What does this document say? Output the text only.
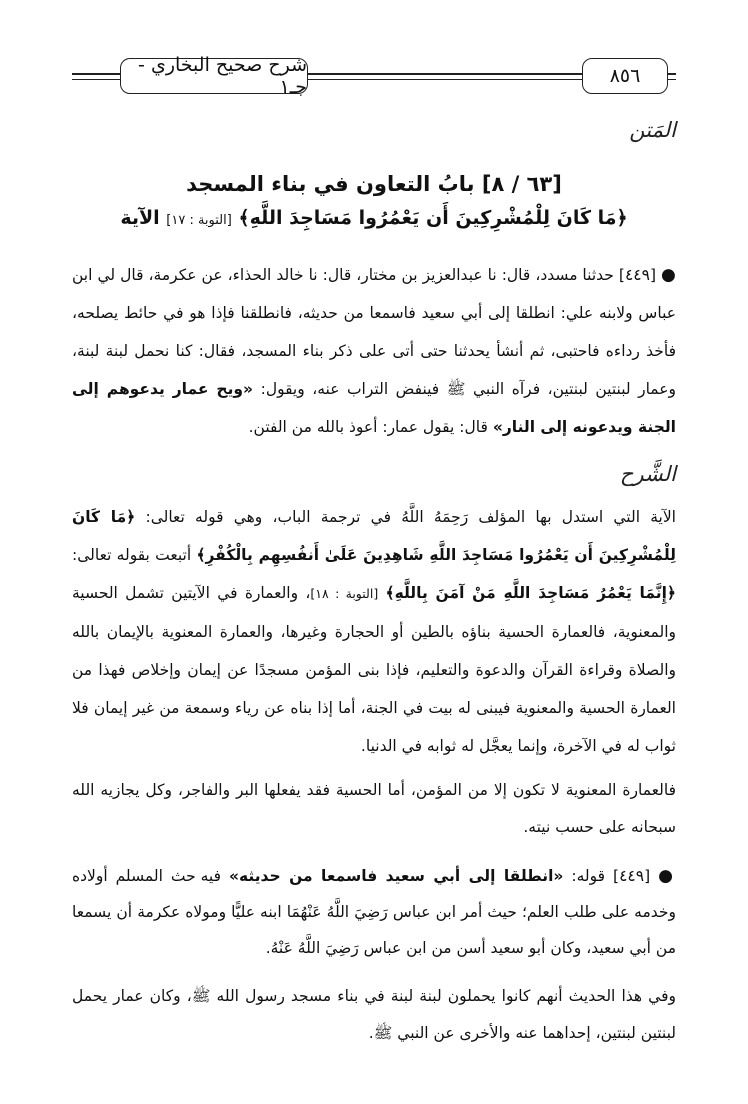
٨٥٦
شرح صحيح البخاري - جـ١
المَتن
[٦٣ / ٨] بابُ التعاون في بناء المسجد
﴿مَا كَانَ لِلْمُشْرِكِينَ أَن يَعْمُرُوا مَسَاجِدَ اللَّهِ﴾ [التوبة : ١٧] الآية
● [٤٤٩] حدثنا مسدد، قال: نا عبدالعزيز بن مختار، قال: نا خالد الحذاء، عن عكرمة، قال لي ابن عباس ولابنه علي: انطلقا إلى أبي سعيد فاسمعا من حديثه، فانطلقنا فإذا هو في حائط يصلحه، فأخذ رداءه فاحتبى، ثم أنشأ يحدثنا حتى أتى على ذكر بناء المسجد، فقال: كنا نحمل لبنة لبنة، وعمار لبنتين لبنتين، فرآه النبي ﷺ فينفض التراب عنه، ويقول: «ويح عمار يدعوهم إلى الجنة ويدعونه إلى النار» قال: يقول عمار: أعوذ بالله من الفتن.
الشَّرح
الآية التي استدل بها المؤلف رَحِمَهُ اللَّهُ في ترجمة الباب، وهي قوله تعالى: ﴿مَا كَانَ لِلْمُشْرِكِينَ أَن يَعْمُرُوا مَسَاجِدَ اللَّهِ شَاهِدِينَ عَلَىٰ أَنفُسِهِم بِالْكُفْرِ﴾ أتبعت بقوله تعالى: ﴿إِنَّمَا يَعْمُرُ مَسَاجِدَ اللَّهِ مَنْ آمَنَ بِاللَّهِ﴾ [التوبة : ١٨]، والعمارة في الآيتين تشمل الحسية والمعنوية، فالعمارة الحسية بناؤه بالطين أو الحجارة وغيرها، والعمارة المعنوية بالإيمان بالله والصلاة وقراءة القرآن والدعوة والتعليم، فإذا بنى المؤمن مسجدًا عن إيمان وإخلاص فهذا من العمارة الحسية والمعنوية فيبنى له بيت في الجنة، أما إذا بناه عن رياء وسمعة من غير إيمان فلا ثواب له في الآخرة، وإنما يعجَّل له ثوابه في الدنيا.
فالعمارة المعنوية لا تكون إلا من المؤمن، أما الحسية فقد يفعلها البر والفاجر، وكل يجازيه الله سبحانه على حسب نيته.
● [٤٤٩] قوله: «انطلقا إلى أبي سعيد فاسمعا من حديثه» فيه حث المسلم أولاده وخدمه على طلب العلم؛ حيث أمر ابن عباس رَضِيَ اللَّهُ عَنْهُمَا ابنه عليًّا ومولاه عكرمة أن يسمعا من أبي سعيد، وكان أبو سعيد أسن من ابن عباس رَضِيَ اللَّهُ عَنْهُ.
وفي هذا الحديث أنهم كانوا يحملون لبنة لبنة في بناء مسجد رسول الله ﷺ، وكان عمار يحمل لبنتين لبنتين، إحداهما عنه والأخرى عن النبي ﷺ.
